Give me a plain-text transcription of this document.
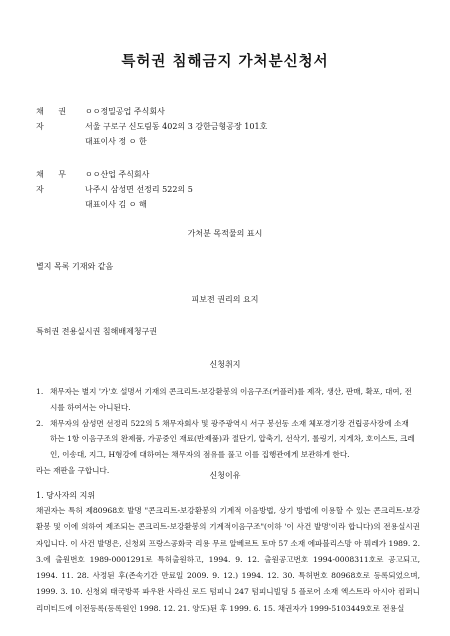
특허권 침해금지 가처분신청서
채 권 자
ㅇㅇ정밀공업 주식회사
서울 구로구 신도림동 402의 3 강한금형공장 101호
대표이사 정 ㅇ 한
채 무 자
ㅇㅇ산업 주식회사
나주시 삼성면 선정리 522의 5
대표이사 김 ㅇ 해
가처분 목적물의 표시
별지 목록 기재와 같음
피보전 권리의 요지
특허권 전용실시권 침해배제청구권
신청취지
1. 채무자는 별지 '가'호 설명서 기재의 콘크리트-보강환봉의 이음구조(커플러)를 제작, 생산, 판매, 확포, 대여, 전시를 하여서는 아니된다.
2. 채무자의 삼성면 선정리 522의 5 채무자회사 및 광주광역시 서구 봉선동 소재 체포경기장 건립공사장에 소재하는 1항 이음구조의 완제품, 가공중인 재료(반제품)과 절단기, 압축기, 선삭기, 롤링기, 지게차, 호이스트, 크레인, 이송대, 지그, H형강에 대하여는 채무자의 점유를 풀고 이를 집행관에게 보관하게 한다.
라는 재판을 구합니다.
신청이유
1. 당사자의 지위
채권자는 특허 제80968호 발명 "콘크리트-보강환봉의 기계적 이음방법, 상기 방법에 이용할 수 있는 콘크리트-보강환봉 및 이에 의하여 제조되는 콘크리트-보강환봉의 기계적이음구조"(이하 '이 사건 발명'이라 합니다)의 전용실시권자입니다. 이 사건 발명은, 신청외 프랑스공화국 리용 무르 알베르트 토마 57 소재 에파블리스망 아 뭐레가 1989. 2. 3.에 출원번호 1989-0001291로 특허출원하고, 1994. 9. 12. 출원공고번호 1994-0008311호로 공고되고, 1994. 11. 28. 사정된 후(존속기간 만료일 2009. 9. 12.) 1994. 12. 30. 특허번호 80968호로 등록되었으며, 1999. 3. 10. 신청외 태국방콕 파우완 사라신 로드 텀피니 247 텀피니빌딩 5 플로어 소재 엑스트라 아시아 컴퍼니 리미티드에 이전등록(등록원인 1998. 12. 21. 양도)된 후 1999. 6. 15. 채권자가 1999-5103449호로 전용실
